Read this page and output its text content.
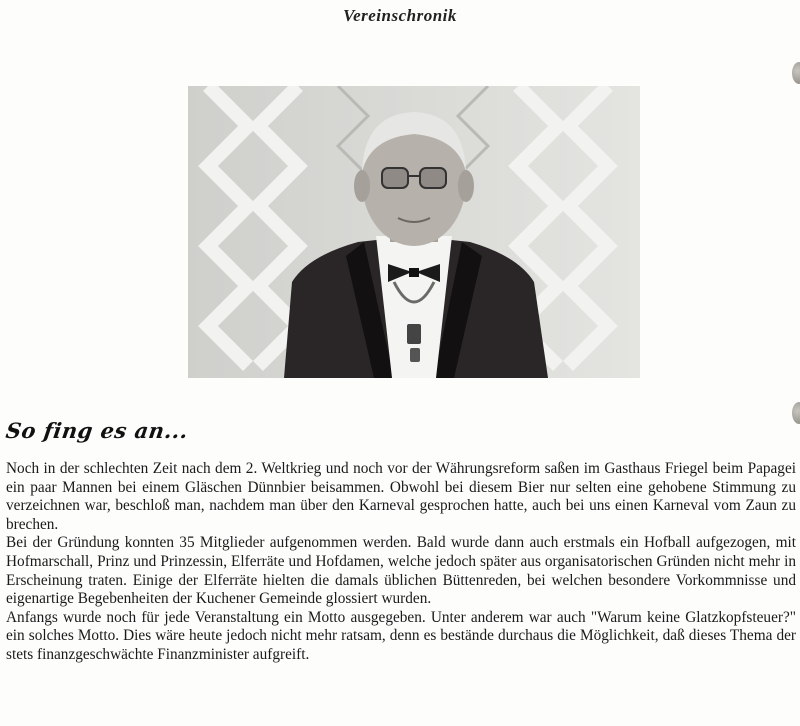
Vereinschronik
So fing es an...

Noch in der schlechten Zeit nach dem 2. Weltkrieg und noch vor der Währungsreform saßen im Gasthaus Friegel beim Papagei ein paar Mannen bei einem Gläschen Dünnbier beisammen. Obwohl bei diesem Bier nur selten eine gehobene Stimmung zu verzeichnen war, beschloß man, nachdem man über den Karneval gesprochen hatte, auch bei uns einen Karneval vom Zaun zu brechen.

Bei der Gründung konnten 35 Mitglieder aufgenommen werden. Bald wurde dann auch erstmals ein Hofball aufgezogen, mit Hofmarschall, Prinz und Prinzessin, Elferräte und Hofdamen, welche jedoch später aus organisatorischen Gründen nicht mehr in Erscheinung traten. Einige der Elferräte hielten die damals üblichen Büttenreden, bei welchen besondere Vorkommnisse und eigenartige Begebenheiten der Kuchener Gemeinde glossiert wurden.

Anfangs wurde noch für jede Veranstaltung ein Motto ausgegeben. Unter anderem war auch "Warum keine Glatzkopfsteuer?" ein solches Motto. Dies wäre heute jedoch nicht mehr ratsam, denn es bestände durchaus die Möglichkeit, daß dieses Thema der stets finanzgeschwächte Finanzminister aufgreift.
